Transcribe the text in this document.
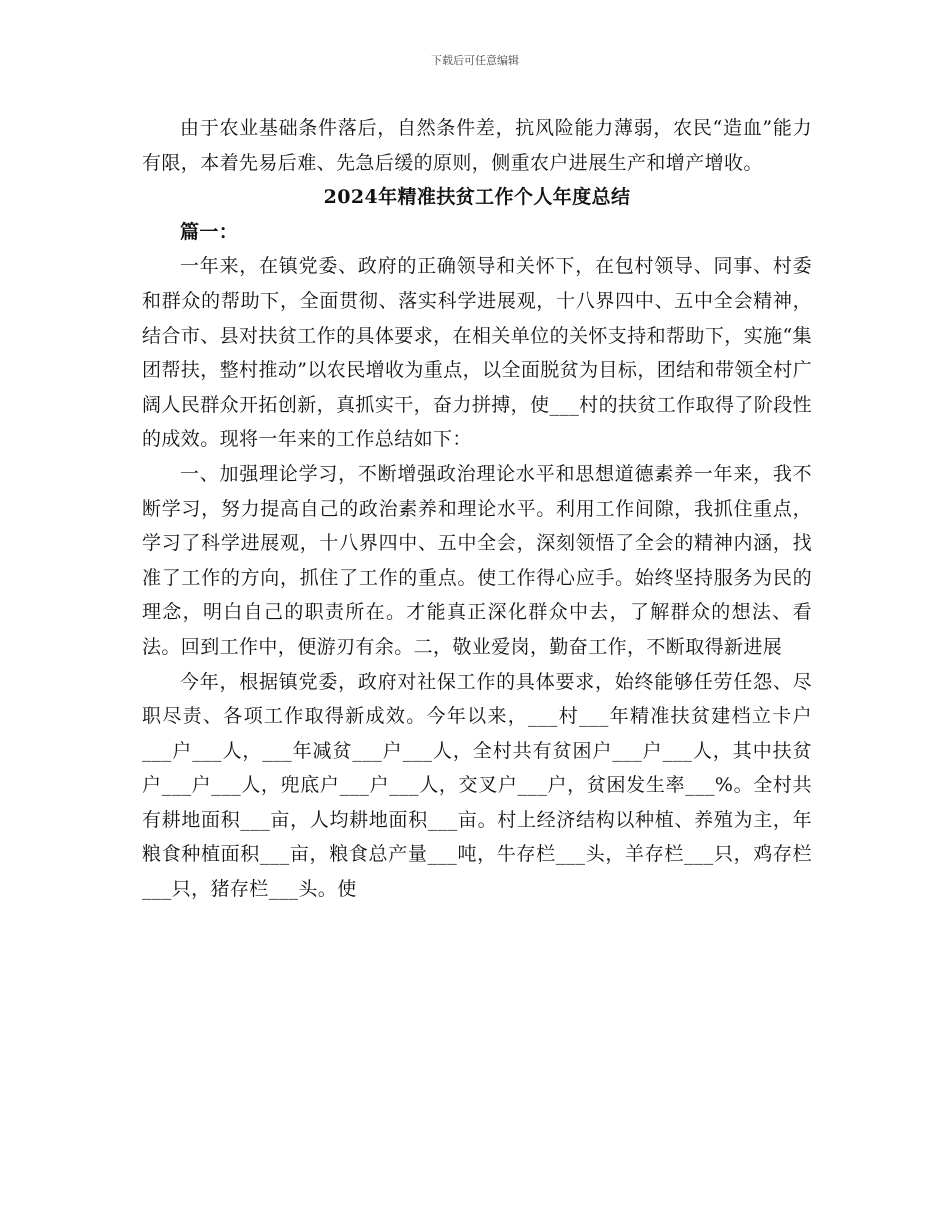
下载后可任意编辑

由于农业基础条件落后，自然条件差，抗风险能力薄弱，农民“造血”能力有限，本着先易后难、先急后缓的原则，侧重农户进展生产和增产增收。

2024年精准扶贫工作个人年度总结

篇一：

一年来，在镇党委、政府的正确领导和关怀下，在包村领导、同事、村委和群众的帮助下，全面贯彻、落实科学进展观，十八界四中、五中全会精神，结合市、县对扶贫工作的具体要求，在相关单位的关怀支持和帮助下，实施“集团帮扶，整村推动”以农民增收为重点，以全面脱贫为目标，团结和带领全村广阔人民群众开拓创新，真抓实干，奋力拼搏，使___村的扶贫工作取得了阶段性的成效。现将一年来的工作总结如下：

一、加强理论学习，不断增强政治理论水平和思想道德素养一年来，我不断学习，努力提高自己的政治素养和理论水平。利用工作间隙，我抓住重点，学习了科学进展观，十八界四中、五中全会，深刻领悟了全会的精神内涵，找准了工作的方向，抓住了工作的重点。使工作得心应手。始终坚持服务为民的理念，明白自己的职责所在。才能真正深化群众中去，了解群众的想法、看法。回到工作中，便游刃有余。二，敬业爱岗，勤奋工作，不断取得新进展

今年，根据镇党委，政府对社保工作的具体要求，始终能够任劳任怨、尽职尽责、各项工作取得新成效。今年以来，___村___年精准扶贫建档立卡户___户___人，___年减贫___户___人，全村共有贫困户___户___人，其中扶贫户___户___人，兜底户___户___人，交叉户___户，贫困发生率___%。全村共有耕地面积___亩，人均耕地面积___亩。村上经济结构以种植、养殖为主，年粮食种植面积___亩，粮食总产量___吨，牛存栏___头，羊存栏___只，鸡存栏___只，猪存栏___头。使
